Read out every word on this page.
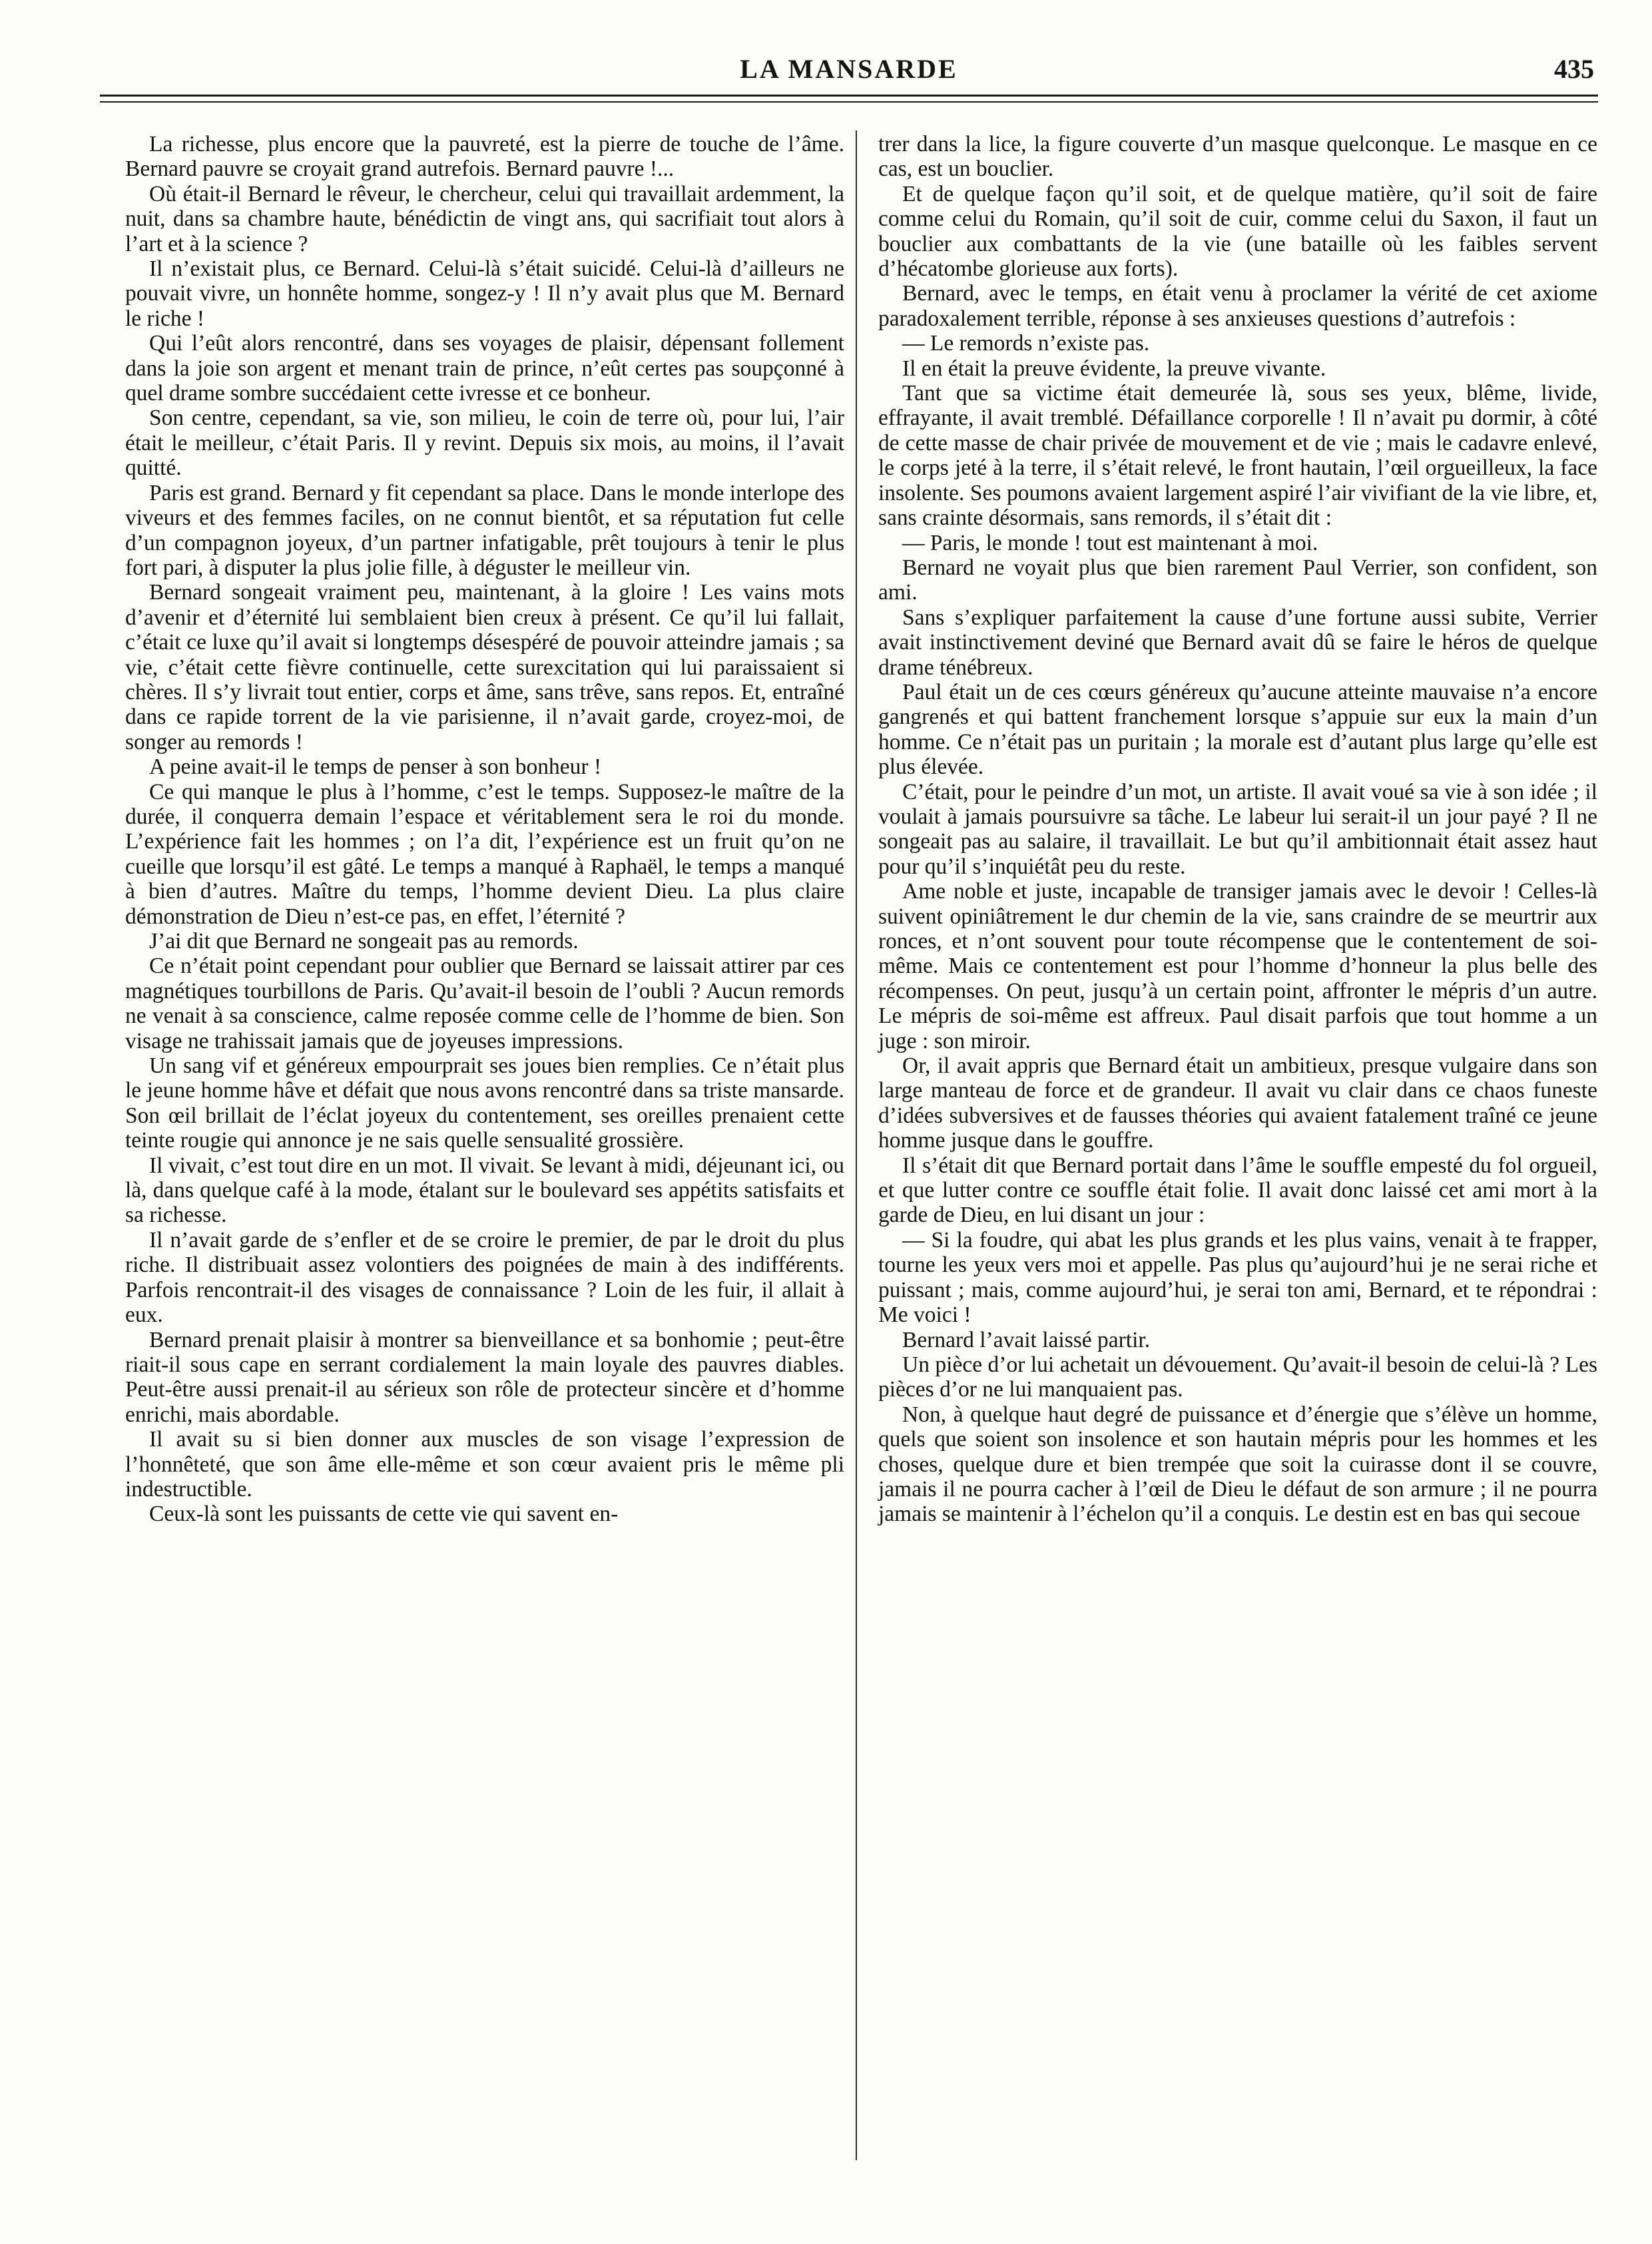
LA MANSARDE	435

La richesse, plus encore que la pauvreté, est la pierre de touche de l’âme. Bernard pauvre se croyait grand autrefois. Bernard pauvre !...

Où était-il Bernard le rêveur, le chercheur, celui qui travaillait ardemment, la nuit, dans sa chambre haute, bénédictin de vingt ans, qui sacrifiait tout alors à l’art et à la science ?

Il n’existait plus, ce Bernard. Celui-là s’était suicidé. Celui-là d’ailleurs ne pouvait vivre, un honnête homme, songez-y ! Il n’y avait plus que M. Bernard le riche !

Qui l’eût alors rencontré, dans ses voyages de plaisir, dépensant follement dans la joie son argent et menant train de prince, n’eût certes pas soupçonné à quel drame sombre succédaient cette ivresse et ce bonheur.

Son centre, cependant, sa vie, son milieu, le coin de terre où, pour lui, l’air était le meilleur, c’était Paris. Il y revint. Depuis six mois, au moins, il l’avait quitté.

Paris est grand. Bernard y fit cependant sa place. Dans le monde interlope des viveurs et des femmes faciles, on ne connut bientôt, et sa réputation fut celle d’un compagnon joyeux, d’un partner infatigable, prêt toujours à tenir le plus fort pari, à disputer la plus jolie fille, à déguster le meilleur vin.

Bernard songeait vraiment peu, maintenant, à la gloire ! Les vains mots d’avenir et d’éternité lui semblaient bien creux à présent. Ce qu’il lui fallait, c’était ce luxe qu’il avait si longtemps désespéré de pouvoir atteindre jamais ; sa vie, c’était cette fièvre continuelle, cette surexcitation qui lui paraissaient si chères. Il s’y livrait tout entier, corps et âme, sans trêve, sans repos. Et, entraîné dans ce rapide torrent de la vie parisienne, il n’avait garde, croyez-moi, de songer au remords !

A peine avait-il le temps de penser à son bonheur !

Ce qui manque le plus à l’homme, c’est le temps. Supposez-le maître de la durée, il conquerra demain l’espace et véritablement sera le roi du monde. L’expérience fait les hommes ; on l’a dit, l’expérience est un fruit qu’on ne cueille que lorsqu’il est gâté. Le temps a manqué à Raphaël, le temps a manqué à bien d’autres. Maître du temps, l’homme devient Dieu. La plus claire démonstration de Dieu n’est-ce pas, en effet, l’éternité ?

J’ai dit que Bernard ne songeait pas au remords.

Ce n’était point cependant pour oublier que Bernard se laissait attirer par ces magnétiques tourbillons de Paris. Qu’avait-il besoin de l’oubli ? Aucun remords ne venait à sa conscience, calme reposée comme celle de l’homme de bien. Son visage ne trahissait jamais que de joyeuses impressions.

Un sang vif et généreux empourprait ses joues bien remplies. Ce n’était plus le jeune homme hâve et défait que nous avons rencontré dans sa triste mansarde. Son œil brillait de l’éclat joyeux du contentement, ses oreilles prenaient cette teinte rougie qui annonce je ne sais quelle sensualité grossière.

Il vivait, c’est tout dire en un mot. Il vivait. Se levant à midi, déjeunant ici, ou là, dans quelque café à la mode, étalant sur le boulevard ses appétits satisfaits et sa richesse.

Il n’avait garde de s’enfler et de se croire le premier, de par le droit du plus riche. Il distribuait assez volontiers des poignées de main à des indifférents. Parfois rencontrait-il des visages de connaissance ? Loin de les fuir, il allait à eux.

Bernard prenait plaisir à montrer sa bienveillance et sa bonhomie ; peut-être riait-il sous cape en serrant cordialement la main loyale des pauvres diables. Peut-être aussi prenait-il au sérieux son rôle de protecteur sincère et d’homme enrichi, mais abordable.

Il avait su si bien donner aux muscles de son visage l’expression de l’honnêteté, que son âme elle-même et son cœur avaient pris le même pli indestructible.

Ceux-là sont les puissants de cette vie qui savent en-

trer dans la lice, la figure couverte d’un masque quelconque. Le masque en ce cas, est un bouclier.

Et de quelque façon qu’il soit, et de quelque matière, qu’il soit de faire comme celui du Romain, qu’il soit de cuir, comme celui du Saxon, il faut un bouclier aux combattants de la vie (une bataille où les faibles servent d’hécatombe glorieuse aux forts).

Bernard, avec le temps, en était venu à proclamer la vérité de cet axiome paradoxalement terrible, réponse à ses anxieuses questions d’autrefois :

— Le remords n’existe pas.

Il en était la preuve évidente, la preuve vivante.

Tant que sa victime était demeurée là, sous ses yeux, blême, livide, effrayante, il avait tremblé. Défaillance corporelle ! Il n’avait pu dormir, à côté de cette masse de chair privée de mouvement et de vie ; mais le cadavre enlevé, le corps jeté à la terre, il s’était relevé, le front hautain, l’œil orgueilleux, la face insolente. Ses poumons avaient largement aspiré l’air vivifiant de la vie libre, et, sans crainte désormais, sans remords, il s’était dit :

— Paris, le monde ! tout est maintenant à moi.

Bernard ne voyait plus que bien rarement Paul Verrier, son confident, son ami.

Sans s’expliquer parfaitement la cause d’une fortune aussi subite, Verrier avait instinctivement deviné que Bernard avait dû se faire le héros de quelque drame ténébreux.

Paul était un de ces cœurs généreux qu’aucune atteinte mauvaise n’a encore gangrenés et qui battent franchement lorsque s’appuie sur eux la main d’un homme. Ce n’était pas un puritain ; la morale est d’autant plus large qu’elle est plus élevée.

C’était, pour le peindre d’un mot, un artiste. Il avait voué sa vie à son idée ; il voulait à jamais poursuivre sa tâche. Le labeur lui serait-il un jour payé ? Il ne songeait pas au salaire, il travaillait. Le but qu’il ambitionnait était assez haut pour qu’il s’inquiétât peu du reste.

Ame noble et juste, incapable de transiger jamais avec le devoir ! Celles-là suivent opiniâtrement le dur chemin de la vie, sans craindre de se meurtrir aux ronces, et n’ont souvent pour toute récompense que le contentement de soi-même. Mais ce contentement est pour l’homme d’honneur la plus belle des récompenses. On peut, jusqu’à un certain point, affronter le mépris d’un autre. Le mépris de soi-même est affreux. Paul disait parfois que tout homme a un juge : son miroir.

Or, il avait appris que Bernard était un ambitieux, presque vulgaire dans son large manteau de force et de grandeur. Il avait vu clair dans ce chaos funeste d’idées subversives et de fausses théories qui avaient fatalement traîné ce jeune homme jusque dans le gouffre.

Il s’était dit que Bernard portait dans l’âme le souffle empesté du fol orgueil, et que lutter contre ce souffle était folie. Il avait donc laissé cet ami mort à la garde de Dieu, en lui disant un jour :

— Si la foudre, qui abat les plus grands et les plus vains, venait à te frapper, tourne les yeux vers moi et appelle. Pas plus qu’aujourd’hui je ne serai riche et puissant ; mais, comme aujourd’hui, je serai ton ami, Bernard, et te répondrai : Me voici !

Bernard l’avait laissé partir.

Un pièce d’or lui achetait un dévouement. Qu’avait-il besoin de celui-là ? Les pièces d’or ne lui manquaient pas.

Non, à quelque haut degré de puissance et d’énergie que s’élève un homme, quels que soient son insolence et son hautain mépris pour les hommes et les choses, quelque dure et bien trempée que soit la cuirasse dont il se couvre, jamais il ne pourra cacher à l’œil de Dieu le défaut de son armure ; il ne pourra jamais se maintenir à l’échelon qu’il a conquis. Le destin est en bas qui secoue
